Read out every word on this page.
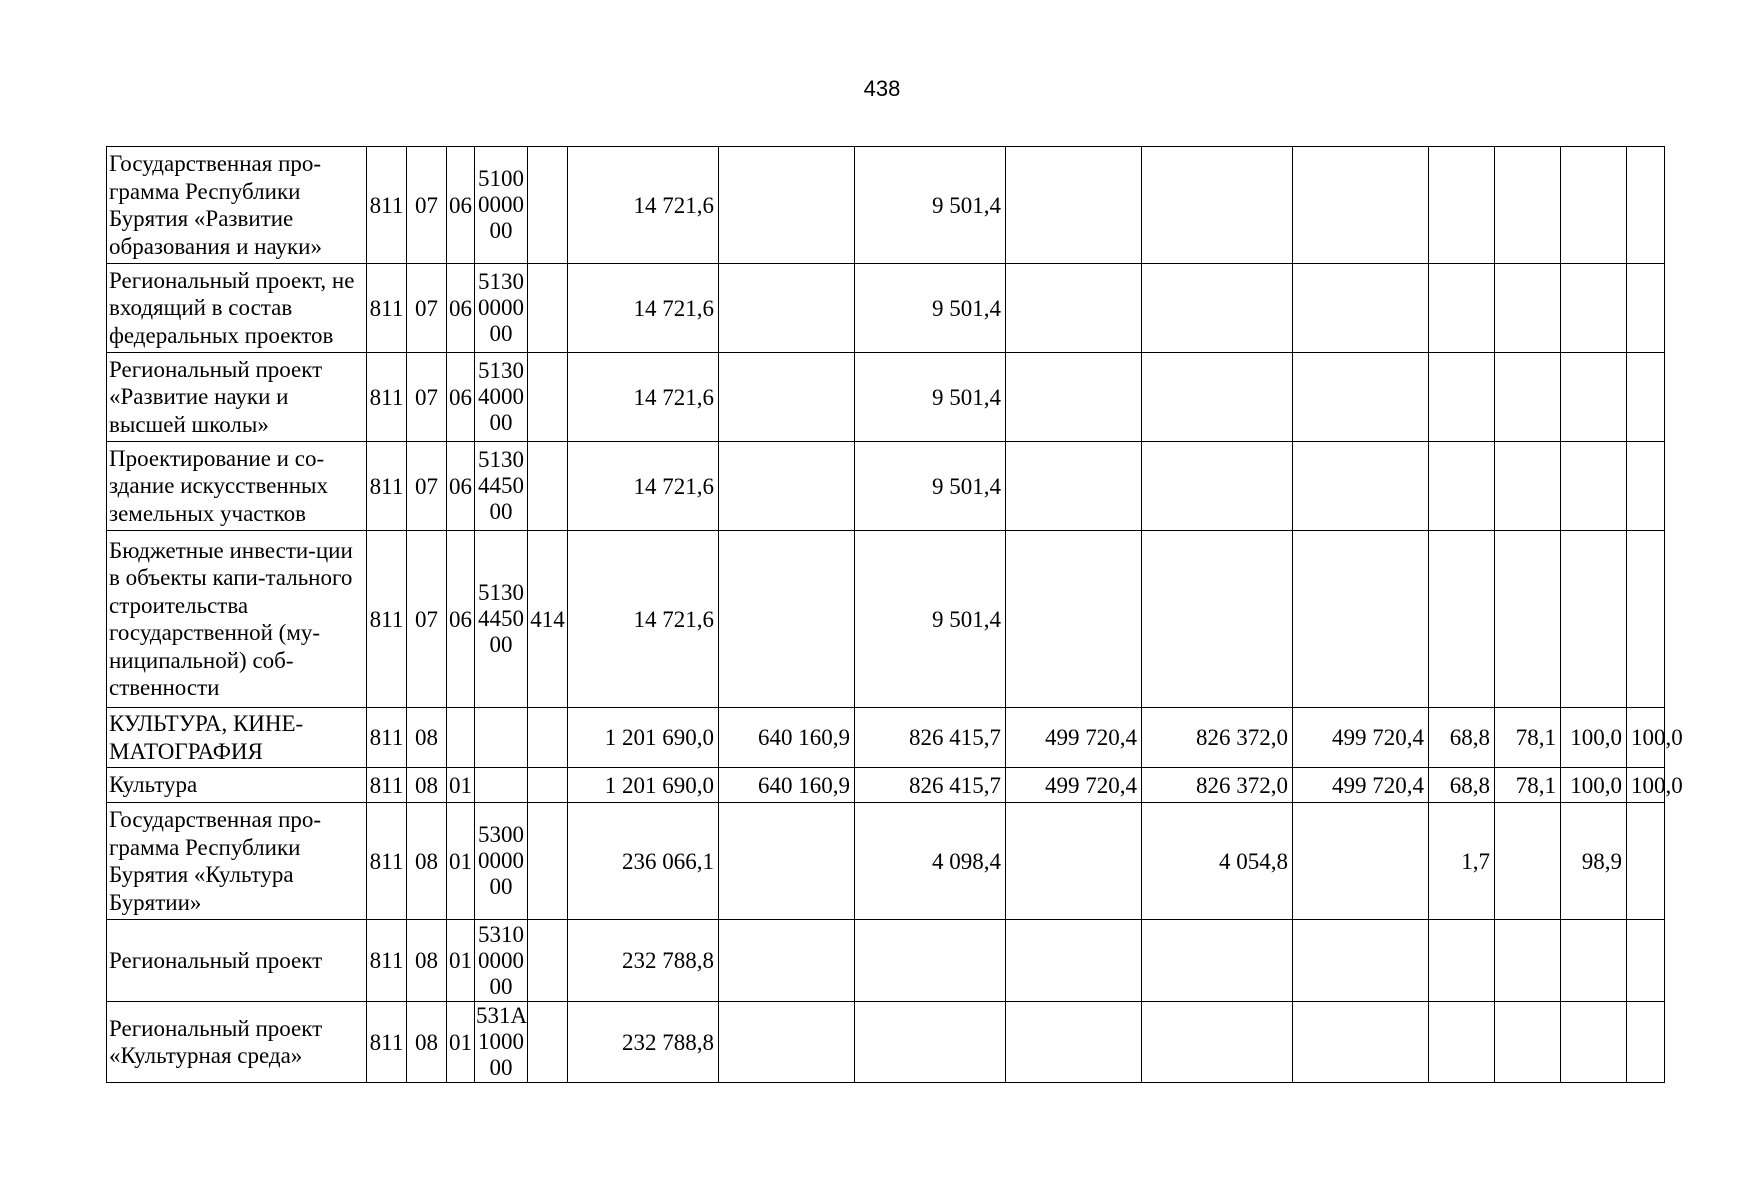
438
Государственная про-грамма Республики Бурятия «Развитие образования и науки»	811	07	06	5100 0000 00		14 721,6		9 501,4							
Региональный проект, не входящий в состав федеральных проектов	811	07	06	5130 0000 00		14 721,6		9 501,4							
Региональный проект «Развитие науки и высшей школы»	811	07	06	5130 4000 00		14 721,6		9 501,4							
Проектирование и со-здание искусственных земельных участков	811	07	06	5130 4450 00		14 721,6		9 501,4							
Бюджетные инвести-ции в объекты капи-тального строительства государственной (му-ниципальной) соб-ственности	811	07	06	5130 4450 00	414	14 721,6		9 501,4							
КУЛЬТУРА, КИНЕ-МАТОГРАФИЯ	811	08				1 201 690,0	640 160,9	826 415,7	499 720,4	826 372,0	499 720,4	68,8	78,1	100,0	100,0
Культура	811	08	01			1 201 690,0	640 160,9	826 415,7	499 720,4	826 372,0	499 720,4	68,8	78,1	100,0	100,0
Государственная про-грамма Республики Бурятия «Культура Бурятии»	811	08	01	5300 0000 00		236 066,1		4 098,4		4 054,8		1,7		98,9	
Региональный проект	811	08	01	5310 0000 00		232 788,8									
Региональный проект «Культурная среда»	811	08	01	531A 1000 00		232 788,8									
